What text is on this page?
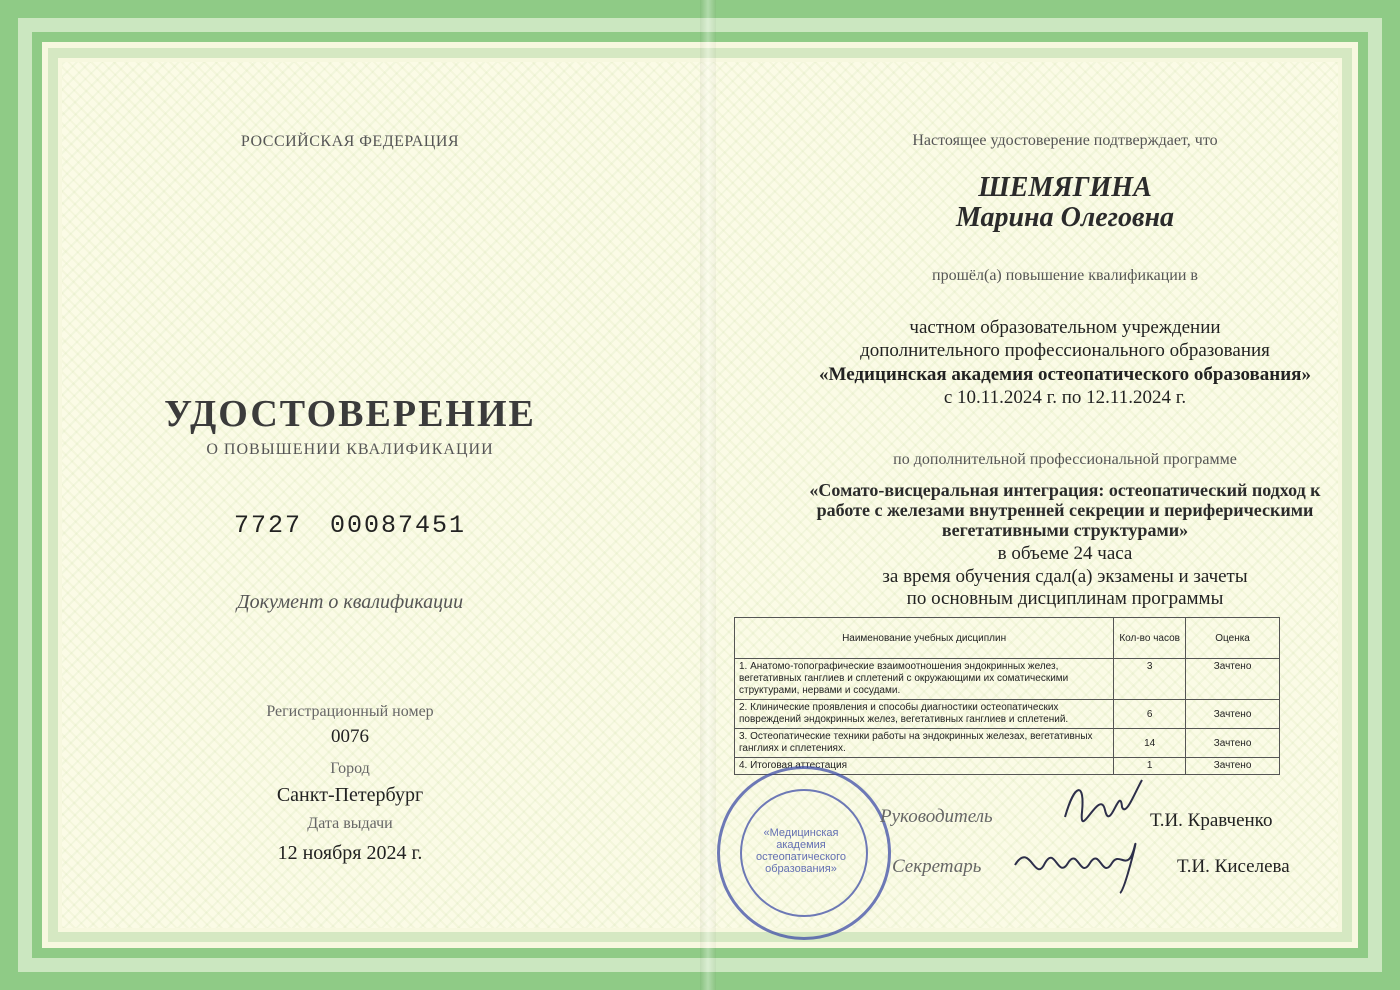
РОССИЙСКАЯ ФЕДЕРАЦИЯ
УДОСТОВЕРЕНИЕ
О ПОВЫШЕНИИ КВАЛИФИКАЦИИ
7727 00087451
Документ о квалификации
Регистрационный номер
0076
Город
Санкт-Петербург
Дата выдачи
12 ноября 2024 г.
Настоящее удостоверение подтверждает, что
ШЕМЯГИНА
Марина Олеговна
прошёл(а) повышение квалификации в
частном образовательном учреждении
дополнительного профессионального образования
«Медицинская академия остеопатического образования»
с 10.11.2024 г. по 12.11.2024 г.
по дополнительной профессиональной программе
«Сомато-висцеральная интеграция: остеопатический подход к
работе с железами внутренней секреции и периферическими
вегетативными структурами»
в объеме 24 часа
за время обучения сдал(а) экзамены и зачеты
по основным дисциплинам программы
Наименование учебных дисциплин	Кол-во часов	Оценка
1. Анатомо-топографические взаимоотношения эндокринных желез, вегетативных ганглиев и сплетений с окружающими их соматическими структурами, нервами и сосудами.	3	Зачтено
2. Клинические проявления и способы диагностики остеопатических повреждений эндокринных желез, вегетативных ганглиев и сплетений.	6	Зачтено
3. Остеопатические техники работы на эндокринных железах, вегетативных ганглиях и сплетениях.	14	Зачтено
4. Итоговая аттестация	1	Зачтено
«Медицинская
академия
остеопатического
образования»
Руководитель	Т.И. Кравченко
Секретарь	Т.И. Киселева
